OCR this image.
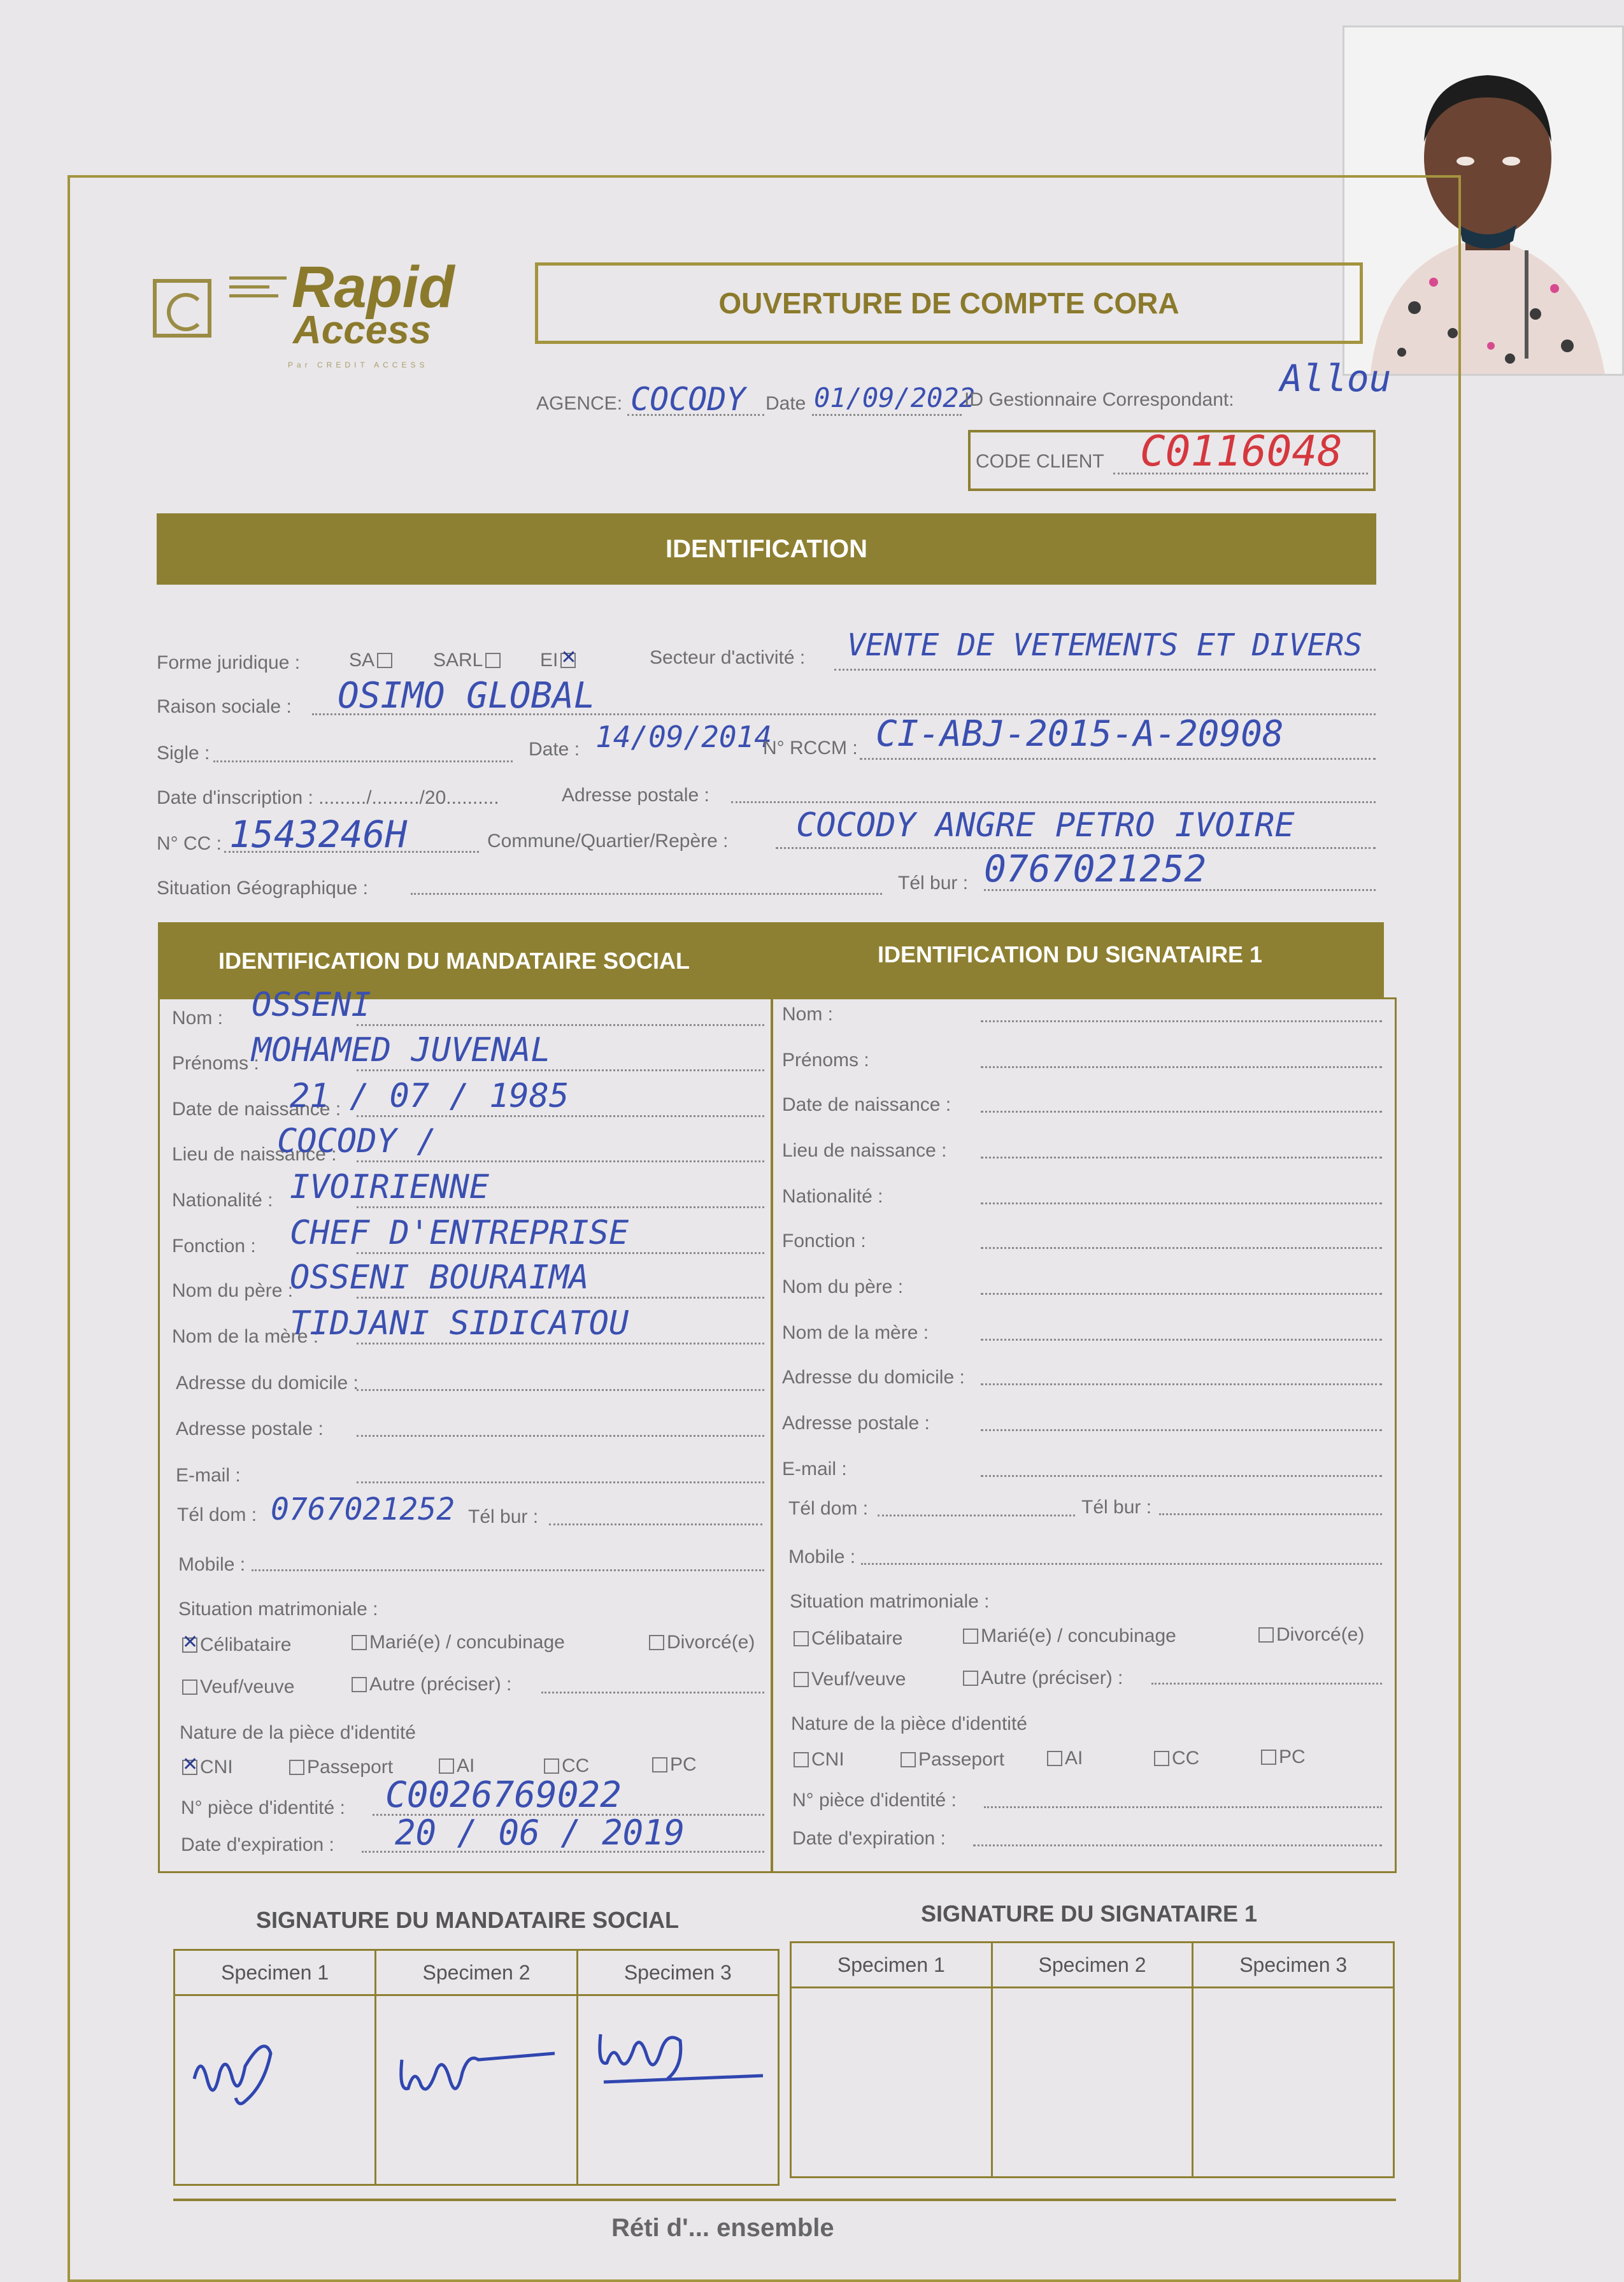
Rapid
Access
Par CREDIT ACCESS
OUVERTURE DE COMPTE CORA
AGENCE: COCODY Date 01/09/2022
ID Gestionnaire Correspondant: Allou
CODE CLIENT C0116048
IDENTIFICATION
Forme juridique :	SA	SARL	EI✕	Secteur d'activité : VENTE DE VETEMENTS ET DIVERS
Raison sociale : OSIMO GLOBAL
Sigle :	Date : 14/09/2014
N° RCCM : CI-ABJ-2015-A-20908
Date d'inscription : ........./........./20..........	Adresse postale :
N° CC : 1543246H	Commune/Quartier/Repère : COCODY ANGRE PETRO IVOIRE
Situation Géographique :	Tél bur : 0767021252
IDENTIFICATION DU MANDATAIRE SOCIAL	IDENTIFICATION DU SIGNATAIRE 1
Nom : OSSENI
Prénoms :
MOHAMED JUVENAL
Date de naissance :
21 / 07 / 1985
Lieu de naissance :
COCODY /
Nationalité : IVOIRIENNE
Fonction : CHEF D'ENTREPRISE
Nom du père :
OSSENI BOURAIMA
Nom de la mère :
TIDJANI SIDICATOU
Adresse du domicile :
Adresse postale :
E-mail :
Nom :
Prénoms :
Date de naissance :
Lieu de naissance :
Nationalité :
Fonction :
Nom du père :
Nom de la mère :
Adresse du domicile :
Adresse postale :
E-mail :
Tél dom : 0767021252 Tél bur :
Mobile :
Situation matrimoniale :
✕Célibataire	Marié(e) / concubinage	Divorcé(e)
Veuf/veuve	Autre (préciser) :
Nature de la pièce d'identité
✕CNI	Passeport	AI	CC	PC
N° pièce d'identité : C0026769022
Date d'expiration : 20 / 06 / 2019
Tél dom :	Tél bur :
Mobile :
Situation matrimoniale :
Célibataire	Marié(e) / concubinage	Divorcé(e)
Veuf/veuve	Autre (préciser) :
Nature de la pièce d'identité
CNI	Passeport	AI	CC	PC
N° pièce d'identité :
Date d'expiration :
SIGNATURE DU MANDATAIRE SOCIAL	SIGNATURE DU SIGNATAIRE 1
Specimen 1	Specimen 2	Specimen 3	Specimen 1	Specimen 2	Specimen 3
Réti d'... ensemble
